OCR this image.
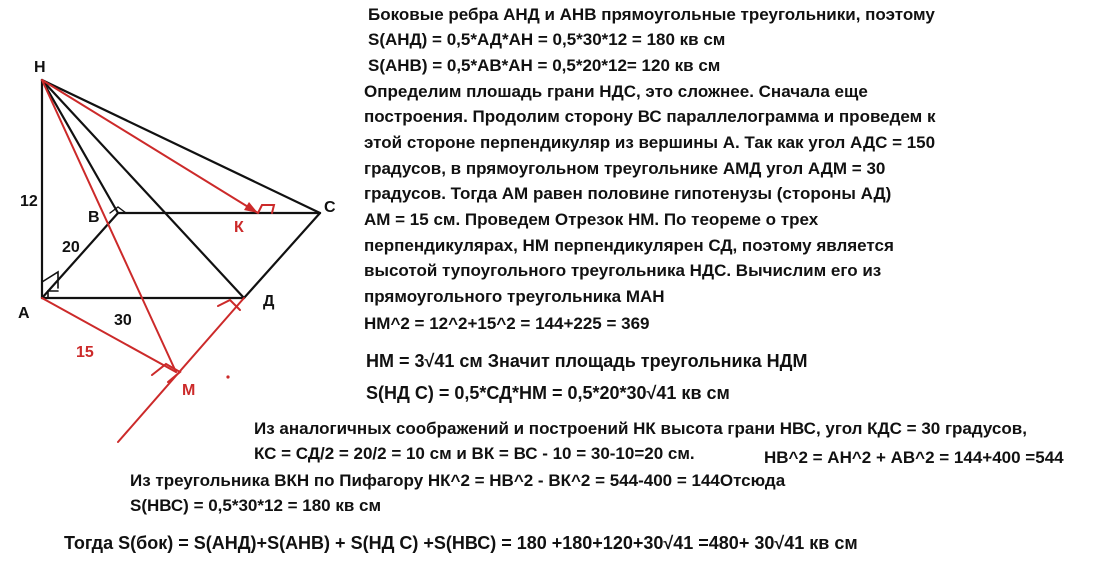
Н
В
С
А
Д
К
М
12
20
30
15

Боковые ребра АНД и АНВ прямоугольные треугольники, поэтому

S(АНД) = 0,5*АД*АН = 0,5*30*12 = 180 кв см

S(АНВ) = 0,5*АВ*АН = 0,5*20*12= 120 кв см

Определим плошадь грани НДС, это сложнее. Сначала еще

построения. Продолим сторону ВС параллелограмма и проведем к

этой стороне перпендикуляр из вершины А. Так как угол АДС = 150

градусов, в прямоугольном треугольнике АМД угол АДМ = 30

градусов. Тогда АМ равен половине гипотенузы (стороны АД)

АМ = 15 см. Проведем Отрезок НМ. По теореме о трех

перпендикулярах, НМ перпендикулярен СД, поэтому является

высотой тупоугольного треугольника НДС. Вычислим его из

прямоугольного треугольника МАН

НМ^2 = 12^2+15^2 = 144+225 = 369

НМ = 3√41 см Значит площадь треугольника НДМ

S(НД С) = 0,5*СД*НМ = 0,5*20*30√41 кв см

Из аналогичных соображений и построений НК высота грани НВС, угол КДС = 30 градусов,

КС = СД/2 = 20/2 = 10 см и ВК = ВС - 10 = 30-10=20 см.	НВ^2 = АН^2 + АВ^2 = 144+400 =544

Из треугольника ВКН по Пифагору НК^2 = НВ^2 - ВК^2 = 544-400 = 144Отсюда

S(НВС) = 0,5*30*12 = 180 кв см

Тогда S(бок) = S(АНД)+S(АНВ) + S(НД С) +S(НВС) = 180 +180+120+30√41 =480+ 30√41 кв см
